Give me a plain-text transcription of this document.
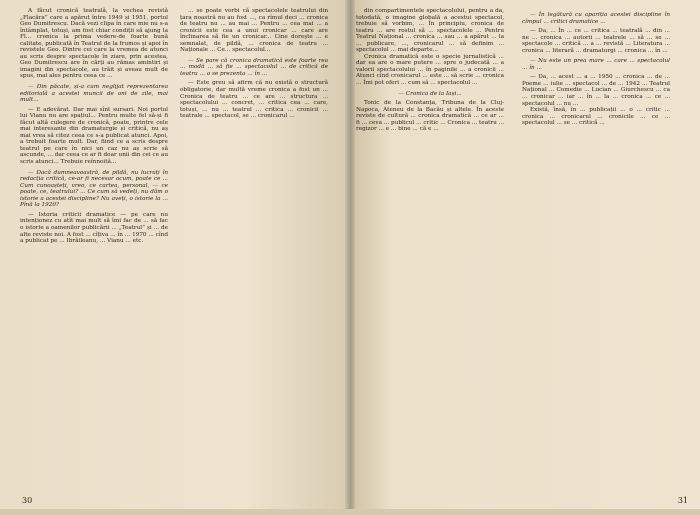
A făcut cronică teatrală, la vechea revistă „Flacăra” care a apărut între 1949 și 1951, portul Geo Dumitrescu. Dacă vezi clipa în care mie nu s-a întâmplat, totuși, am fost chiar condiții să ajung la Fl... cronica la prima vedere-de foarte bună calitate, publicată în Teatrul de la frumos și apoi în revistele Geo. Dintre cei care la vremea de atunci au scris despre spectacole în ziare, prin acestea, Geo Dumitrescu are în cărți au rămas amintiri și imagini din spectacole, au trăit și aveau mult de spus, mai ales pentru ceea ce ...

— Din păcate, și-a cam neglijat reprezentarea editorială a acestei muncii de ani de zile, mai mult...

— E adevărat. Dar mai sînt sursari. Noi portul lui Vianu nu are spațiul... Pentru multe fel să-și fi făcut altă culegere de cronică, poate, printre cele mai interesante din dramaturgie și critică, nu aș mai vrea să citez ceea ce s-a publicat atunci. Apoi, a trebuit foarte mult. Dar, fiind ce a scris despre teatrul pe care în nici un caz nu aș scrie să ascunde, ... dar ceea ce ar fi doar unii din cei ce au scris atunci... Trebuie reînnoită...

— Dacă dumneavoastră, de pildă, nu lucrați în redacția critică, ce-ar fi necesar acum, poate ce ... Cum cunoașteți, vreo, ce cartea, personal, — ce poate, ce, teatrului? ... Ce cum să vedeți, nu dăm o istorie a acestei discipline? Nu aveți, o istorie la ... Pînă la 1920?

— Istoria criticii dramatice — pe care nu intenționez cu atît mai mult să îmi fac de ... să fac o istorie a oamenilor publicării ... „Teatrul” și ... de alte reviste noi. A fost ... cîțiva ... în ... 1970 ... cînd a publicat pe ... Ibrăileanu, ... Vianu ... etc.

... se poate vorbi că spectacolele teatrului din țara noastră nu au fost ..., ca rîmul deci ... cronica de teatru nu ... au mai ... Pentru ... cea mai ... a cronicii este cea a unui cronicar ... care are înclinarea să fie un cronicar... Cine dorește ... e semnalat, de pildă, ... cronica de teatru ... Naționale ... Ce... spectacolul...

— Se pare că cronica dramatică este foarte rea ... modă ... să fie ... spectacolul ... de critică de teatru ... a se prezenta ... în ...

— Este greu să afirm că nu există o structură obligatorie, dar multă vreme cronica a fost un ... Cronica de teatru ... ce are ... structura ... spectacolului ... concret, ... critica cea ... care, totuși, ... nu ... teatrul ... critica ... cronicii ... teatrale ... spectacol, se ... cronicarul ...

30

din compartimentele spectacolului, pentru a da, totodată, o imagine globală a acestui spectacol, trebuie să vorbim, ... În principiu, cronica de teatru ... are rostul să ... spectacolele ... Pentru Teatrul Național ... cronica ... sau ... a apărut ... la ... publicare, ..., cronicarul ... să definim ... spectacolul ... mai departe...

Cronica dramatică este o specie jurnalistică ... dar ea are o mare putere ... spre o judecată ... a valorii spectacolului ... în paginile ... a cronicii ... Atunci cînd cronicarul ... este ... să scrie ... cronica ... Îmi pot oferi ... cum să ... spectacolul ...

— Cronica de la Iași...

Tonic de la Constanța, Tribuna de la Cluj-Napoca, Ateneu de la Bacău și altele. În aceste reviste de cultură ... cronica dramatică ... ce ar ... fi ... ceva ... publicul ... critic ... Cronica ... teatru ... regizor ... e ... bine ... că e ...

— În legătură cu apariția acestei discipline în cîmpul ... critici dramatice ...

— Da, ... În ... ce ... critica ... teatrală ... din ... ne ... cronica ... autorii ... teatrele ... să ... se ... spectacole ... critică ... a ... revistă ... Literatura ... cronica ... literară ... dramaturgi ... cronica ... în ...

— Nu este un prea mare ... care ... spectacolul ... în ...

— Da, ... acest ... a ... 1950 ... cronica ... de ... Poeme ... iulie ... spectacol ... de ... 1942 ... Teatrul Național ... Comedie ... Lucian ... Giurchescu ... ca ... cronicar ... iar ... în ... la ... cronica ... ce ... spectacolul ... nu ...

Există, însă, în ... publicații ... o ... critic ... cronica ... cronicarul ... cronicile ... ce ... spectacolul ... se ... critică ...

31
